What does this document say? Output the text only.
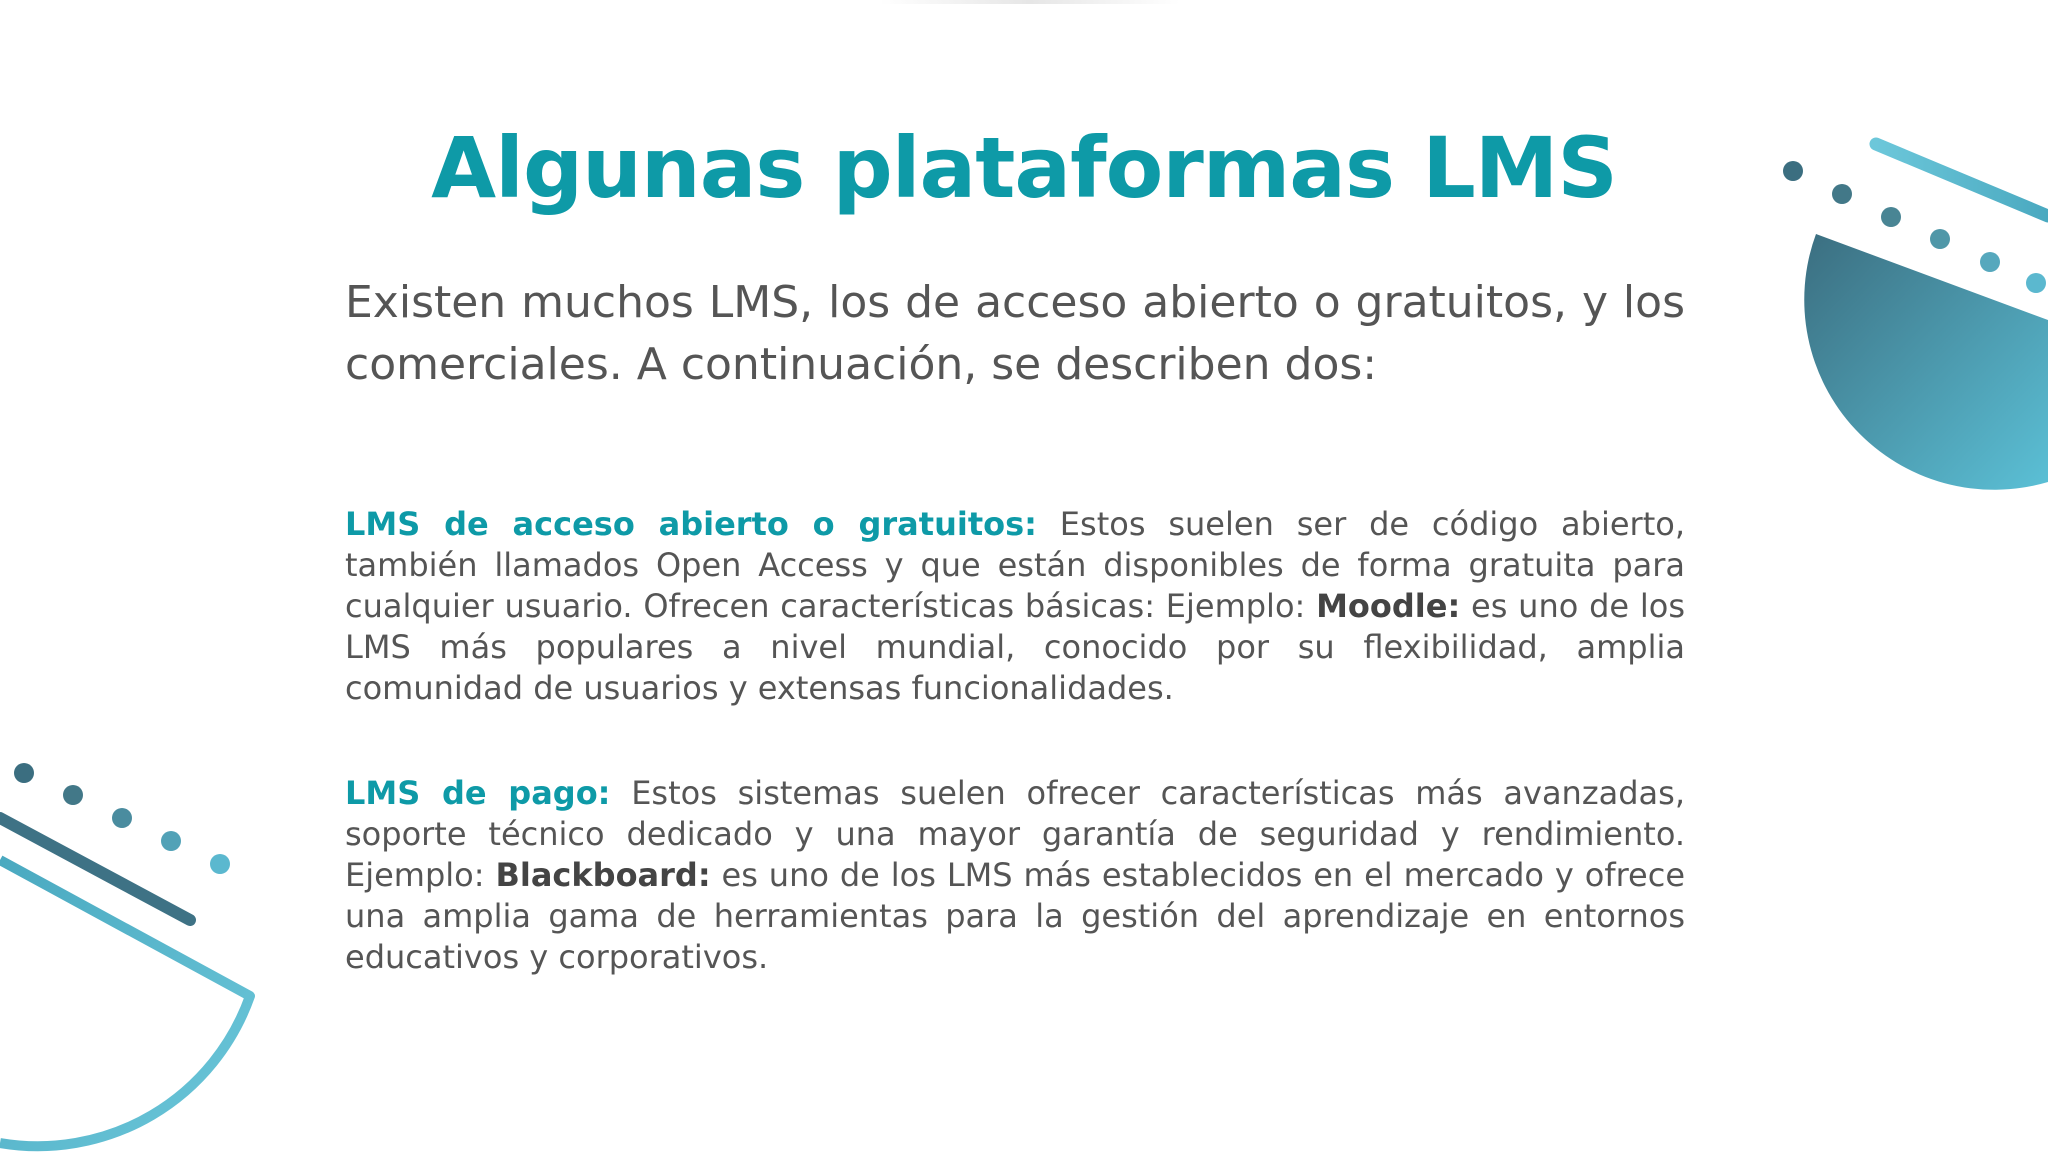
Algunas plataformas LMS

Existen muchos LMS, los de acceso abierto o gratuitos, y los comerciales. A continuación, se describen dos:

LMS de acceso abierto o gratuitos: Estos suelen ser de código abierto, también llamados Open Access y que están disponibles de forma gratuita para cualquier usuario. Ofrecen características básicas: Ejemplo: Moodle: es uno de los LMS más populares a nivel mundial, conocido por su flexibilidad, amplia comunidad de usuarios y extensas funcionalidades.

LMS de pago: Estos sistemas suelen ofrecer características más avanzadas, soporte técnico dedicado y una mayor garantía de seguridad y rendimiento. Ejemplo: Blackboard: es uno de los LMS más establecidos en el mercado y ofrece una amplia gama de herramientas para la gestión del aprendizaje en entornos educativos y corporativos.
